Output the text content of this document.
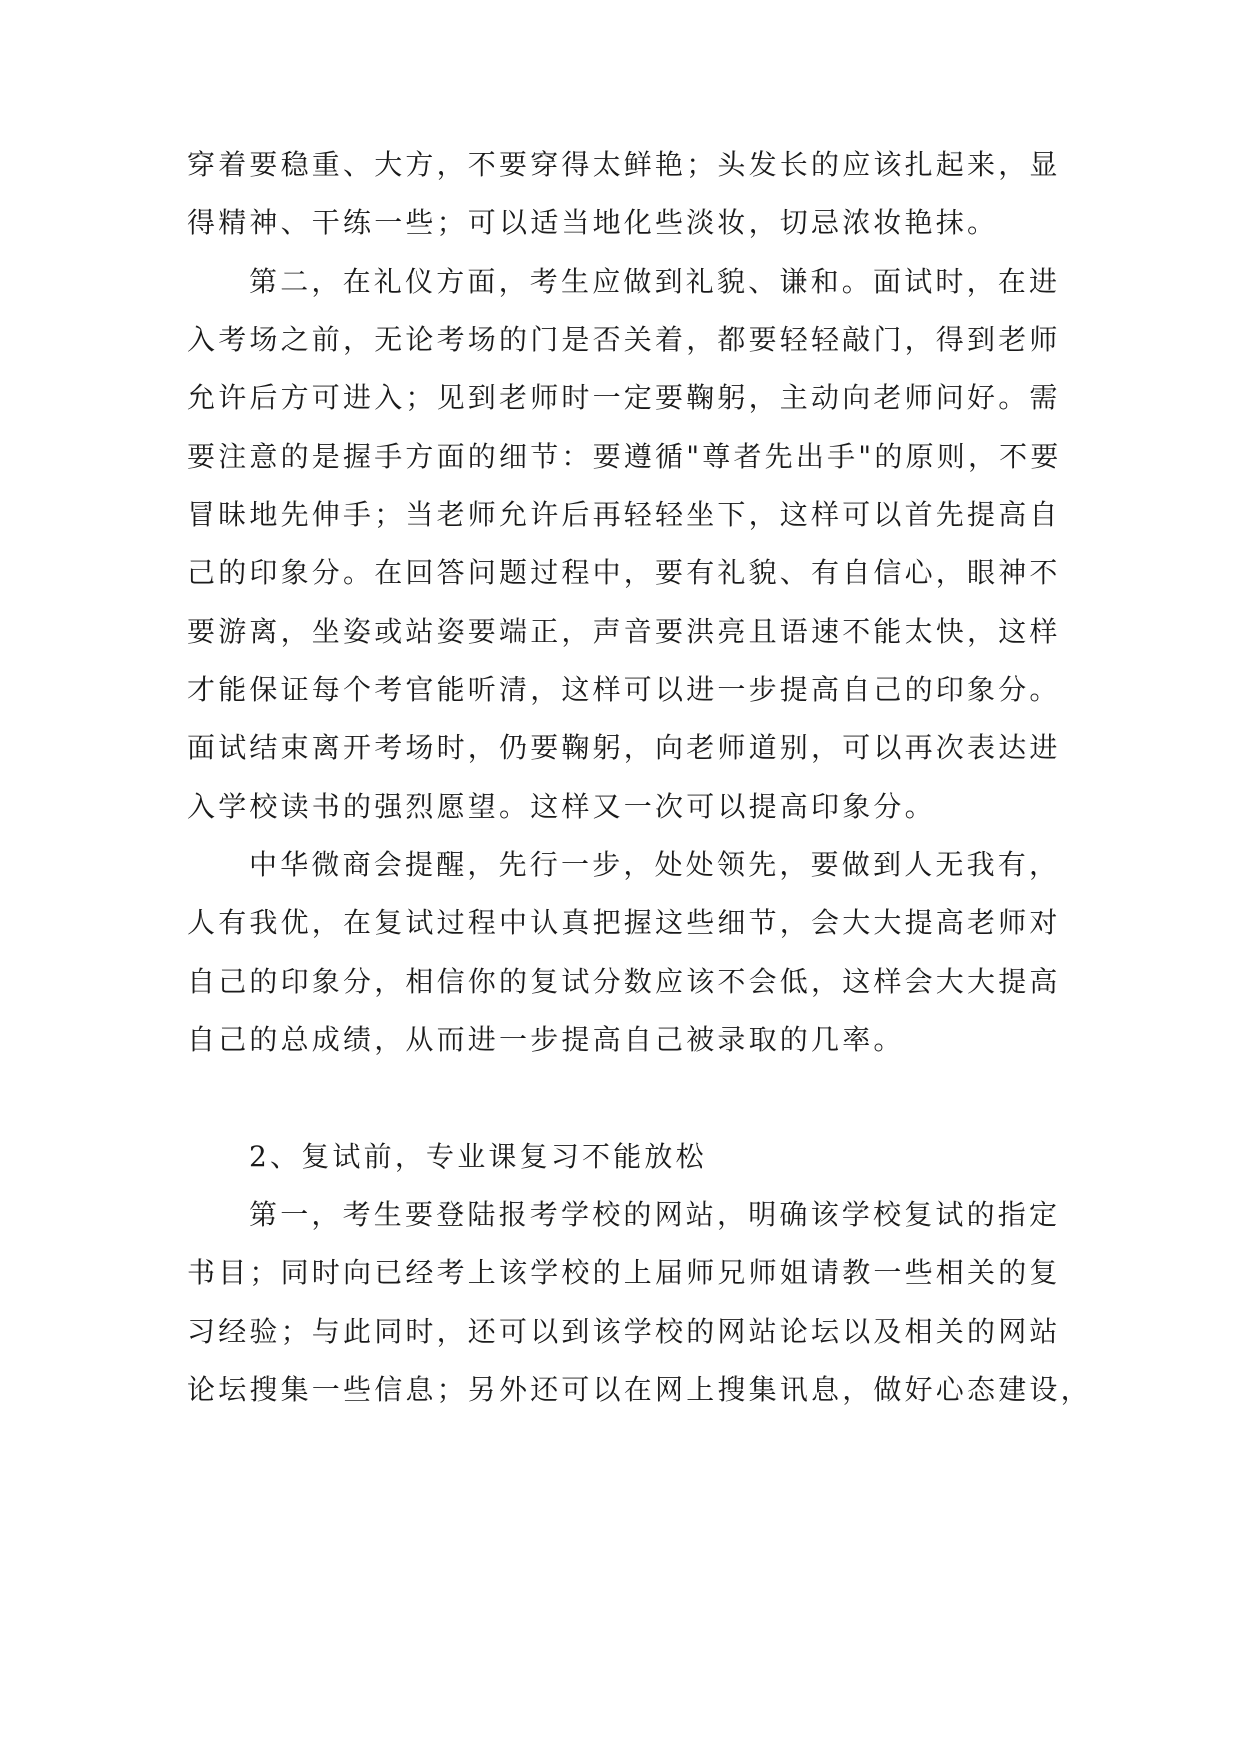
穿着要稳重、大方，不要穿得太鲜艳；头发长的应该扎起来，显

得精神、干练一些；可以适当地化些淡妆，切忌浓妆艳抹。

第二，在礼仪方面，考生应做到礼貌、谦和。面试时，在进

入考场之前，无论考场的门是否关着，都要轻轻敲门，得到老师

允许后方可进入；见到老师时一定要鞠躬，主动向老师问好。需

要注意的是握手方面的细节：要遵循"尊者先出手"的原则，不要

冒昧地先伸手；当老师允许后再轻轻坐下，这样可以首先提高自

己的印象分。在回答问题过程中，要有礼貌、有自信心，眼神不

要游离，坐姿或站姿要端正，声音要洪亮且语速不能太快，这样

才能保证每个考官能听清，这样可以进一步提高自己的印象分。

面试结束离开考场时，仍要鞠躬，向老师道别，可以再次表达进

入学校读书的强烈愿望。这样又一次可以提高印象分。

中华微商会提醒，先行一步，处处领先，要做到人无我有，

人有我优，在复试过程中认真把握这些细节，会大大提高老师对

自己的印象分，相信你的复试分数应该不会低，这样会大大提高

自己的总成绩，从而进一步提高自己被录取的几率。

2、复试前，专业课复习不能放松

第一，考生要登陆报考学校的网站，明确该学校复试的指定

书目；同时向已经考上该学校的上届师兄师姐请教一些相关的复

习经验；与此同时，还可以到该学校的网站论坛以及相关的网站

论坛搜集一些信息；另外还可以在网上搜集讯息，做好心态建设，
